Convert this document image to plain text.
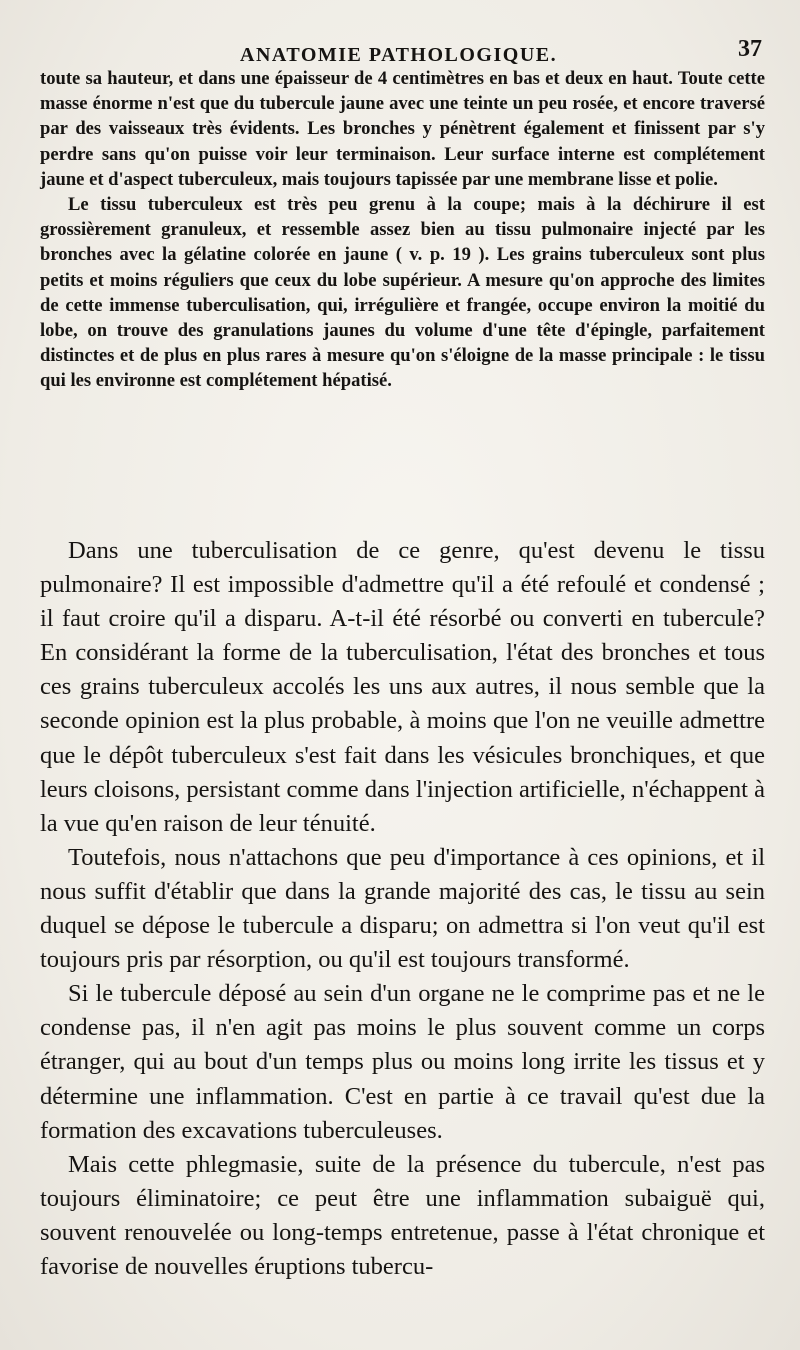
ANATOMIE PATHOLOGIQUE.	37

toute sa hauteur, et dans une épaisseur de 4 centimètres en bas et deux en haut. Toute cette masse énorme n'est que du tubercule jaune avec une teinte un peu rosée, et encore traversé par des vaisseaux très évidents. Les bronches y pénètrent également et finissent par s'y perdre sans qu'on puisse voir leur terminaison. Leur surface interne est complétement jaune et d'aspect tuberculeux, mais toujours tapissée par une membrane lisse et polie.

Le tissu tuberculeux est très peu grenu à la coupe; mais à la déchirure il est grossièrement granuleux, et ressemble assez bien au tissu pulmonaire injecté par les bronches avec la gélatine colorée en jaune ( v. p. 19 ). Les grains tuberculeux sont plus petits et moins réguliers que ceux du lobe supérieur. A mesure qu'on approche des limites de cette immense tuberculisation, qui, irrégulière et frangée, occupe environ la moitié du lobe, on trouve des granulations jaunes du volume d'une tête d'épingle, parfaitement distinctes et de plus en plus rares à mesure qu'on s'éloigne de la masse principale : le tissu qui les environne est complétement hépatisé.

Dans une tuberculisation de ce genre, qu'est devenu le tissu pulmonaire? Il est impossible d'admettre qu'il a été refoulé et condensé ; il faut croire qu'il a disparu. A-t-il été résorbé ou converti en tubercule? En considérant la forme de la tuberculisation, l'état des bronches et tous ces grains tuberculeux accolés les uns aux autres, il nous semble que la seconde opinion est la plus probable, à moins que l'on ne veuille admettre que le dépôt tuberculeux s'est fait dans les vésicules bronchiques, et que leurs cloisons, persistant comme dans l'injection artificielle, n'échappent à la vue qu'en raison de leur ténuité.

Toutefois, nous n'attachons que peu d'importance à ces opinions, et il nous suffit d'établir que dans la grande majorité des cas, le tissu au sein duquel se dépose le tubercule a disparu; on admettra si l'on veut qu'il est toujours pris par résorption, ou qu'il est toujours transformé.

Si le tubercule déposé au sein d'un organe ne le comprime pas et ne le condense pas, il n'en agit pas moins le plus souvent comme un corps étranger, qui au bout d'un temps plus ou moins long irrite les tissus et y détermine une inflammation. C'est en partie à ce travail qu'est due la formation des excavations tuberculeuses.

Mais cette phlegmasie, suite de la présence du tubercule, n'est pas toujours éliminatoire; ce peut être une inflammation subaiguë qui, souvent renouvelée ou long-temps entretenue, passe à l'état chronique et favorise de nouvelles éruptions tubercu-
